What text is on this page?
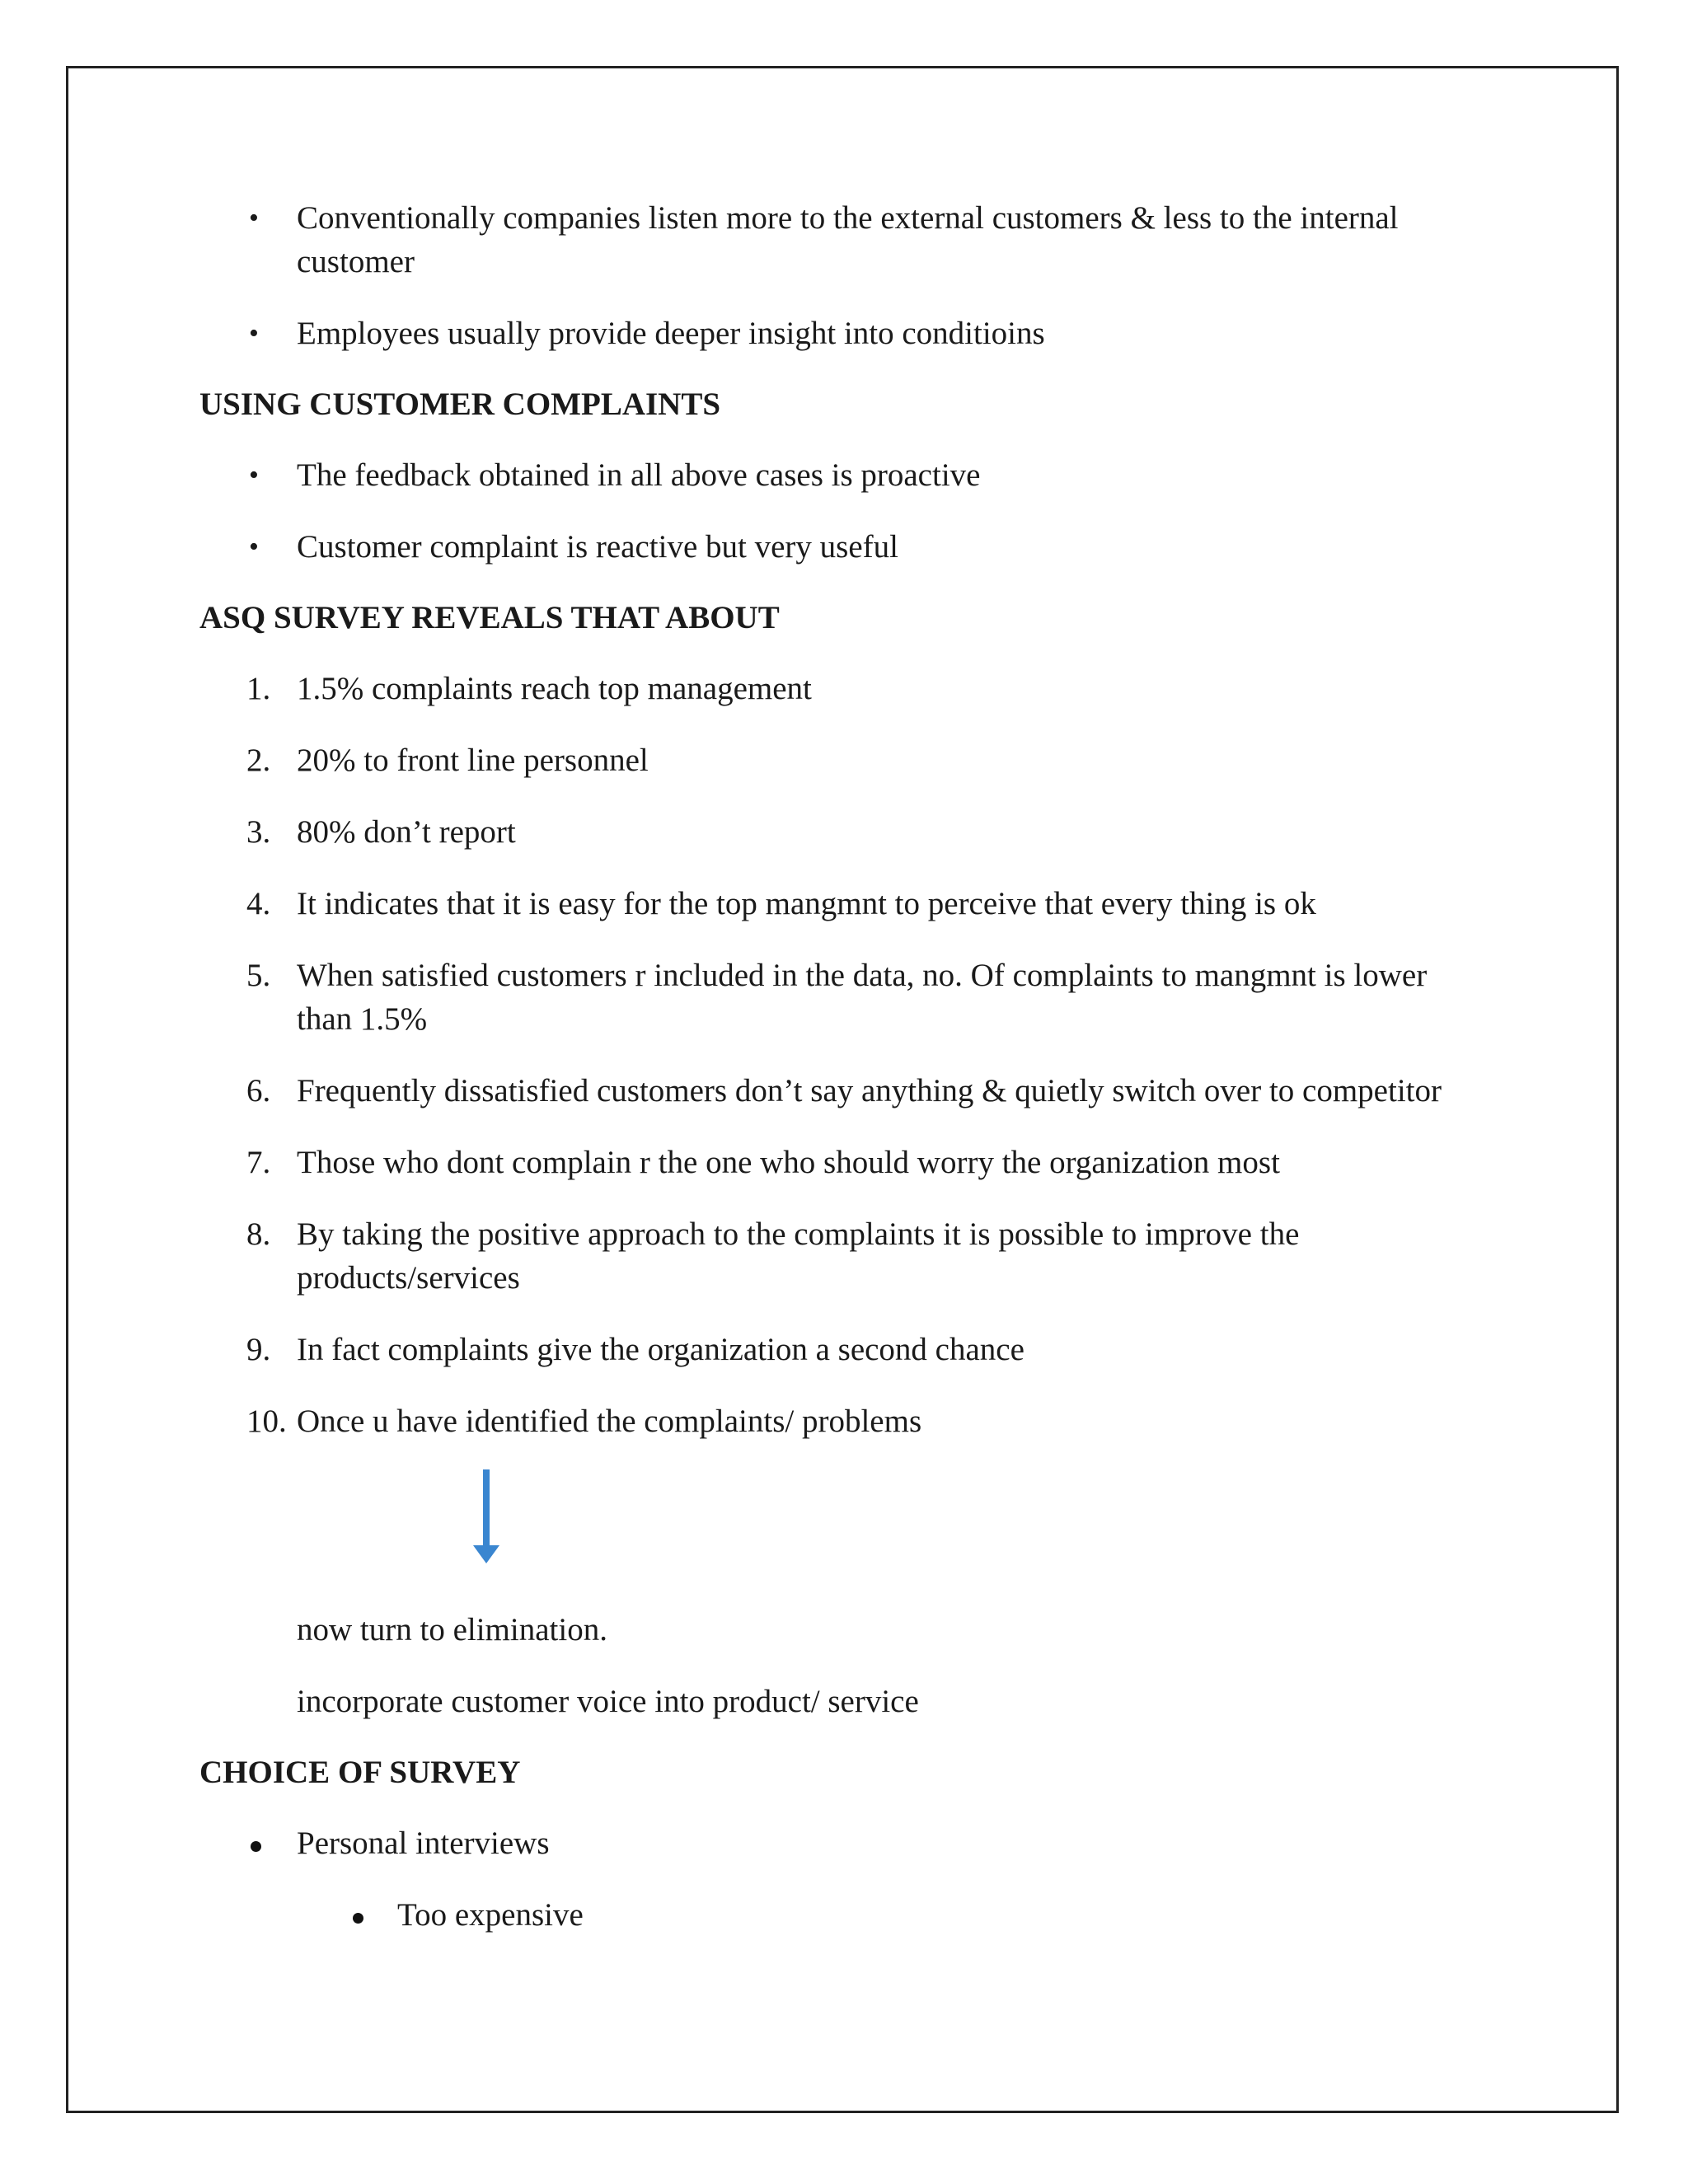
• Conventionally companies listen more to the external customers & less to the internal customer
• Employees usually provide deeper insight into conditioins

USING CUSTOMER COMPLAINTS

• The feedback obtained in all above cases is proactive
• Customer complaint is reactive but very useful

ASQ SURVEY REVEALS THAT ABOUT

1. 1.5% complaints reach top management
2. 20% to front line personnel
3. 80% don’t report
4. It indicates that it is easy for the top mangmnt to perceive that every thing is ok
5. When satisfied customers r included in the data, no. Of complaints to mangmnt is lower than 1.5%
6. Frequently dissatisfied customers don’t say anything & quietly switch over to competitor
7. Those who dont complain r the one who should worry the organization most
8. By taking the positive approach to the complaints it is possible to improve the products/services
9. In fact complaints give the organization a second chance
10. Once u have identified the complaints/ problems
now turn to elimination.
incorporate customer voice into product/ service

CHOICE OF SURVEY

Personal interviews
Too expensive
